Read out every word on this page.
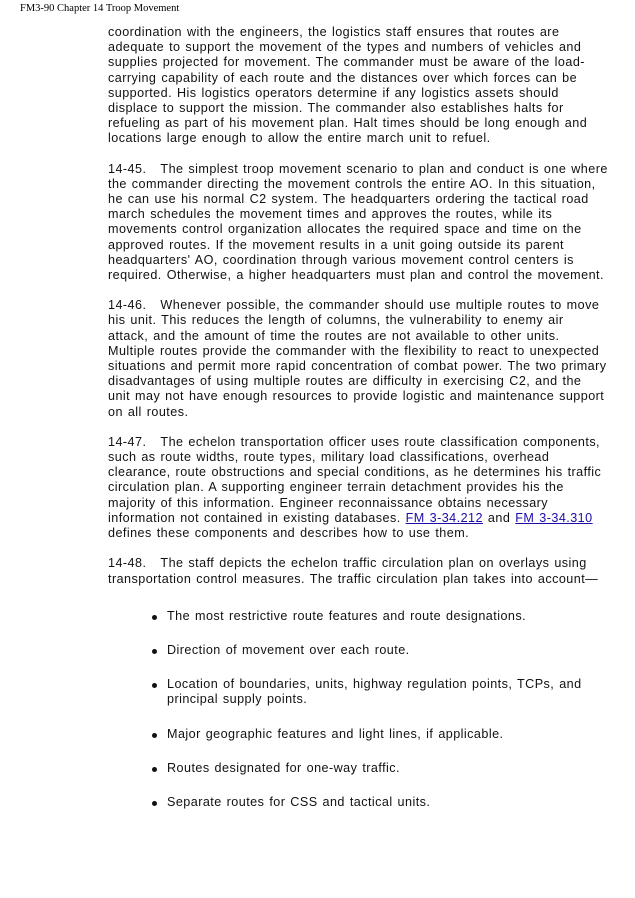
FM3-90 Chapter 14 Troop Movement

coordination with the engineers, the logistics staff ensures that routes are adequate to support the movement of the types and numbers of vehicles and supplies projected for movement. The commander must be aware of the load-carrying capability of each route and the distances over which forces can be supported. His logistics operators determine if any logistics assets should displace to support the mission. The commander also establishes halts for refueling as part of his movement plan. Halt times should be long enough and locations large enough to allow the entire march unit to refuel.

14-45. The simplest troop movement scenario to plan and conduct is one where the commander directing the movement controls the entire AO. In this situation, he can use his normal C2 system. The headquarters ordering the tactical road march schedules the movement times and approves the routes, while its movements control organization allocates the required space and time on the approved routes. If the movement results in a unit going outside its parent headquarters' AO, coordination through various movement control centers is required. Otherwise, a higher headquarters must plan and control the movement.

14-46. Whenever possible, the commander should use multiple routes to move his unit. This reduces the length of columns, the vulnerability to enemy air attack, and the amount of time the routes are not available to other units. Multiple routes provide the commander with the flexibility to react to unexpected situations and permit more rapid concentration of combat power. The two primary disadvantages of using multiple routes are difficulty in exercising C2, and the unit may not have enough resources to provide logistic and maintenance support on all routes.

14-47. The echelon transportation officer uses route classification components, such as route widths, route types, military load classifications, overhead clearance, route obstructions and special conditions, as he determines his traffic circulation plan. A supporting engineer terrain detachment provides his the majority of this information. Engineer reconnaissance obtains necessary information not contained in existing databases. FM 3-34.212 and FM 3-34.310 defines these components and describes how to use them.

14-48. The staff depicts the echelon traffic circulation plan on overlays using transportation control measures. The traffic circulation plan takes into account—

The most restrictive route features and route designations.
Direction of movement over each route.
Location of boundaries, units, highway regulation points, TCPs, and principal supply points.
Major geographic features and light lines, if applicable.
Routes designated for one-way traffic.
Separate routes for CSS and tactical units.
